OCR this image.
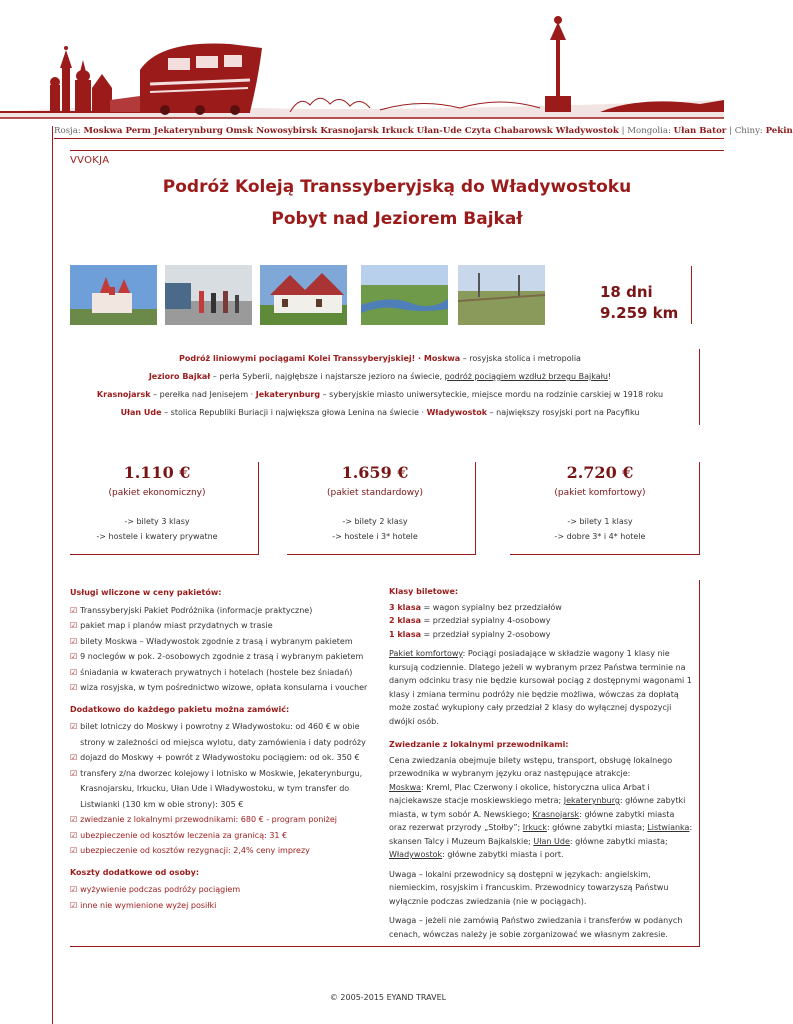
Rosja: Moskwa Perm Jekaterynburg Omsk Nowosybirsk Krasnojarsk Irkuck Ułan-Ude Czyta Chabarowsk Władywostok | Mongolia: Ułan Bator | Chiny: Pekin
VVOKJA
Podróż Koleją Transsyberyjską do Władywostoku
Pobyt nad Jeziorem Bajkał
18 dni
9.259 km
Podróż liniowymi pociągami Kolei Transsyberyjskiej! · Moskwa – rosyjska stolica i metropolia
Jezioro Bajkał – perła Syberii, najgłębsze i najstarsze jezioro na świecie, podróż pociągiem wzdłuż brzegu Bajkału!
Krasnojarsk – perełka nad Jenisejem · Jekaterynburg – syberyjskie miasto uniwersyteckie, miejsce mordu na rodzinie carskiej w 1918 roku
Ułan Ude – stolica Republiki Buriacji i największa głowa Lenina na świecie · Władywostok – największy rosyjski port na Pacyfiku
1.110 €
(pakiet ekonomiczny)
-> bilety 3 klasy
-> hostele i kwatery prywatne
1.659 €
(pakiet standardowy)
-> bilety 2 klasy
-> hostele i 3* hotele
2.720 €
(pakiet komfortowy)
-> bilety 1 klasy
-> dobre 3* i 4* hotele
Usługi wliczone w ceny pakietów:
☑ Transsyberyjski Pakiet Podróżnika (informacje praktyczne)
☑ pakiet map i planów miast przydatnych w trasie
☑ bilety Moskwa – Władywostok zgodnie z trasą i wybranym pakietem
☑ 9 noclegów w pok. 2-osobowych zgodnie z trasą i wybranym pakietem
☑ śniadania w kwaterach prywatnych i hotelach (hostele bez śniadań)
☑ wiza rosyjska, w tym pośrednictwo wizowe, opłata konsularna i voucher
Dodatkowo do każdego pakietu można zamówić:
☑ bilet lotniczy do Moskwy i powrotny z Władywostoku: od 460 € w obie strony w zależności od miejsca wylotu, daty zamówienia i daty podróży
☑ dojazd do Moskwy + powrót z Władywostoku pociągiem: od ok. 350 €
☑ transfery z/na dworzec kolejowy i lotnisko w Moskwie, Jekaterynburgu, Krasnojarsku, Irkucku, Ułan Ude i Władywostoku, w tym transfer do Listwianki (130 km w obie strony): 305 €
☑ zwiedzanie z lokalnymi przewodnikami: 680 € - program poniżej
☑ ubezpieczenie od kosztów leczenia za granicą: 31 €
☑ ubezpieczenie od kosztów rezygnacji: 2,4% ceny imprezy
Koszty dodatkowe od osoby:
☑ wyżywienie podczas podróży pociągiem
☑ inne nie wymienione wyżej posiłki
Klasy biletowe:
3 klasa = wagon sypialny bez przedziałów
2 klasa = przedział sypialny 4-osobowy
1 klasa = przedział sypialny 2-osobowy
Pakiet komfortowy: Pociągi posiadające w składzie wagony 1 klasy nie kursują codziennie. Dlatego jeżeli w wybranym przez Państwa terminie na danym odcinku trasy nie będzie kursował pociąg z dostępnymi wagonami 1 klasy i zmiana terminu podróży nie będzie możliwa, wówczas za dopłatą może zostać wykupiony cały przedział 2 klasy do wyłącznej dyspozycji dwójki osób.
Zwiedzanie z lokalnymi przewodnikami:
Cena zwiedzania obejmuje bilety wstępu, transport, obsługę lokalnego przewodnika w wybranym języku oraz następujące atrakcje:
Moskwa: Kreml, Plac Czerwony i okolice, historyczna ulica Arbat i najciekawsze stacje moskiewskiego metra; Jekaterynburg: główne zabytki miasta, w tym sobór A. Newskiego; Krasnojarsk: główne zabytki miasta oraz rezerwat przyrody „Stołby”; Irkuck: główne zabytki miasta; Listwianka: skansen Talcy i Muzeum Bajkalskie; Ułan Ude: główne zabytki miasta; Władywostok: główne zabytki miasta i port.
Uwaga – lokalni przewodnicy są dostępni w językach: angielskim, niemieckim, rosyjskim i francuskim. Przewodnicy towarzyszą Państwu wyłącznie podczas zwiedzania (nie w pociągach).
Uwaga – jeżeli nie zamówią Państwo zwiedzania i transferów w podanych cenach, wówczas należy je sobie zorganizować we własnym zakresie.
© 2005-2015 EYAND TRAVEL
